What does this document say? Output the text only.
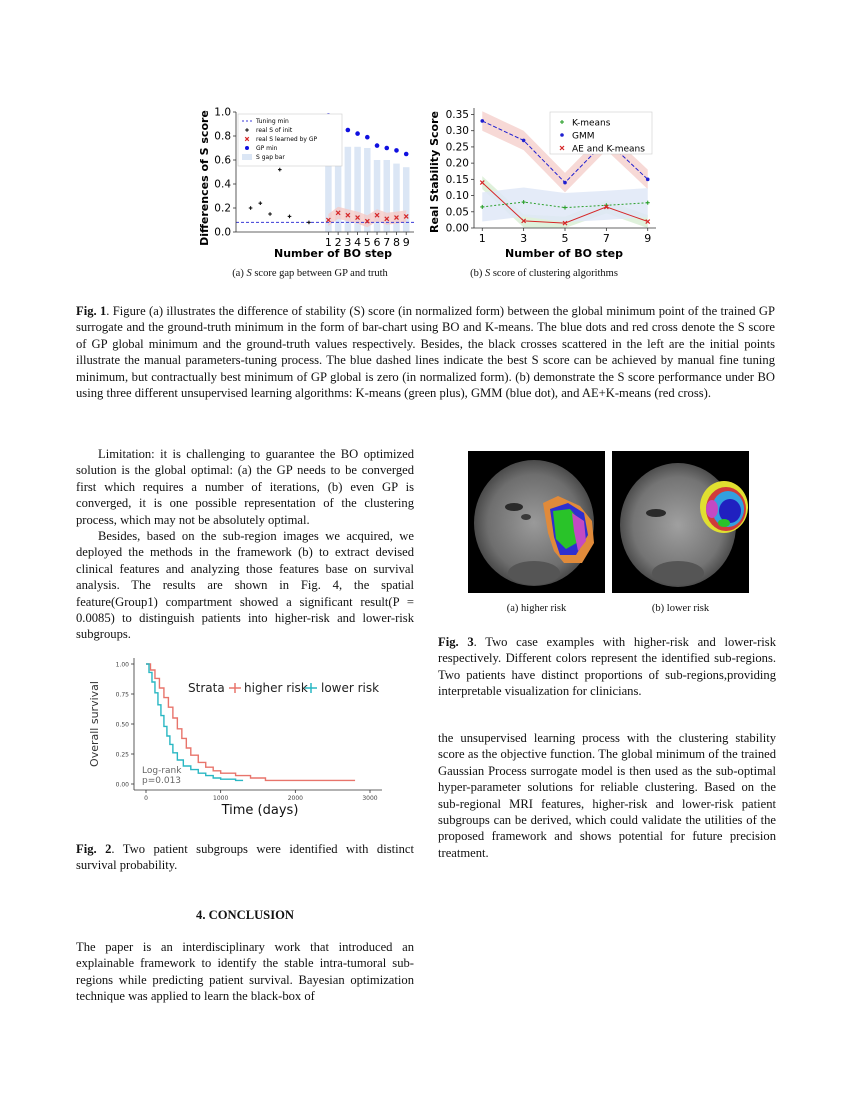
Differences of S score
Number of BO step
0.0
0.2
0.4
0.6
0.8
1.0
1 2 3 4 5 6 7 8 9
Tuning min
real S of init
real S learned by GP
GP min
S gap bar	Real Stability Score
Number of BO step
0.00
0.05
0.10
0.15
0.20
0.25
0.30
0.35
1	3	5	7	9
K-means
GMM
AE and K-means
(a) S score gap between GP and truth	(b) S score of clustering algorithms
Fig. 1. Figure (a) illustrates the difference of stability (S) score (in normalized form) between the global minimum point of the trained GP surrogate and the ground-truth minimum in the form of bar-chart using BO and K-means. The blue dots and red cross denote the S score of GP global minimum and the ground-truth values respectively. Besides, the black crosses scattered in the left are the initial points illustrate the manual parameters-tuning process. The blue dashed lines indicate the best S score can be achieved by manual fine tuning minimum, but contractually best minimum of GP global is zero (in normalized form). (b) demonstrate the S score performance under BO using three different unsupervised learning algorithms: K-means (green plus), GMM (blue dot), and AE+K-means (red cross).

Limitation: it is challenging to guarantee the BO optimized solution is the global optimal: (a) the GP needs to be converged first which requires a number of iterations, (b) even GP is converged, it is one possible representation of the clustering process, which may not be absolutely optimal.

Besides, based on the sub-region images we acquired, we deployed the methods in the framework (b) to extract devised clinical features and analyzing those features base on survival analysis. The results are shown in Fig. 4, the spatial feature(Group1) compartment showed a significant result(P = 0.0085) to distinguish patients into higher-risk and lower-risk subgroups.

Overall survival
Time (days)
0.00
0.25
0.50
0.75
1.00
0	1000	2000	3000
Strata higher risk lower risk
Log-rank
p=0.013
Fig. 2. Two patient subgroups were identified with distinct survival probability.
4. CONCLUSION

The paper is an interdisciplinary work that introduced an explainable framework to identify the stable intra-tumoral sub-regions while predicting patient survival. Bayesian optimization technique was applied to learn the black-box of

(a) higher risk	(b) lower risk
Fig. 3. Two case examples with higher-risk and lower-risk respectively. Different colors represent the identified sub-regions. Two patients have distinct proportions of sub-regions,providing interpretable visualization for clinicians.

the unsupervised learning process with the clustering stability score as the objective function. The global minimum of the trained Gaussian Process surrogate model is then used as the sub-optimal hyper-parameter solutions for reliable clustering. Based on the sub-regional MRI features, higher-risk and lower-risk patient subgroups can be derived, which could validate the utilities of the proposed framework and shows potential for future precision treatment.
